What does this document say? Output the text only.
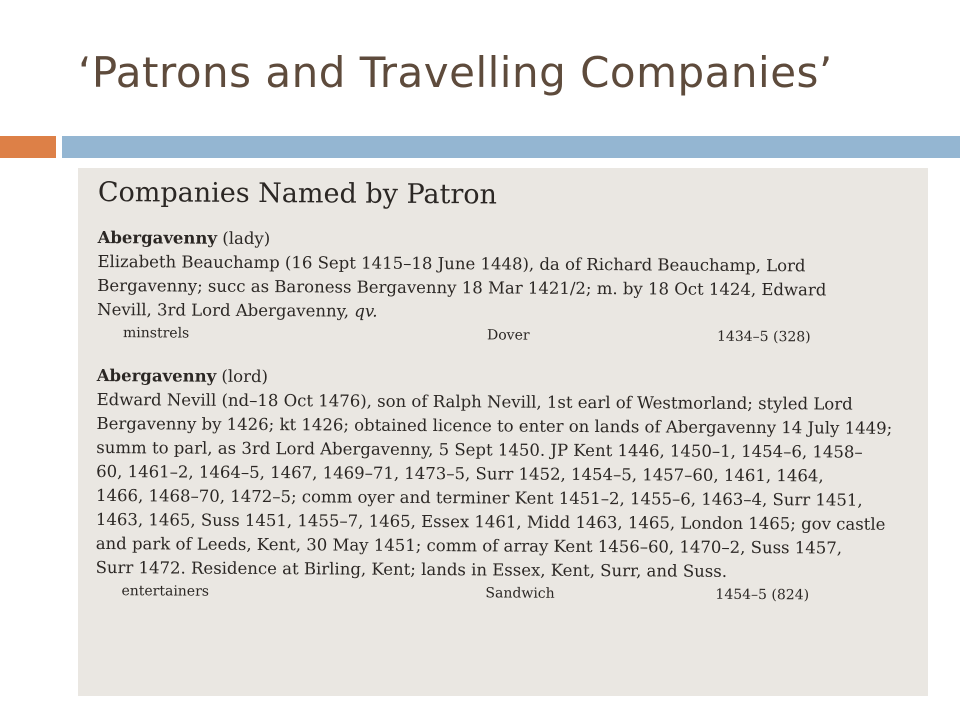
‘Patrons and Travelling Companies’
Companies Named by Patron
Abergavenny (lady)

Elizabeth Beauchamp (16 Sept 1415–18 June 1448), da of Richard Beauchamp, Lord

Bergavenny; succ as Baroness Bergavenny 18 Mar 1421/2; m. by 18 Oct 1424, Edward

Nevill, 3rd Lord Abergavenny, qv.

minstrels	Dover	1434–5 (328)
Abergavenny (lord)

Edward Nevill (nd–18 Oct 1476), son of Ralph Nevill, 1st earl of Westmorland; styled Lord

Bergavenny by 1426; kt 1426; obtained licence to enter on lands of Abergavenny 14 July 1449;

summ to parl, as 3rd Lord Abergavenny, 5 Sept 1450. JP Kent 1446, 1450–1, 1454–6, 1458–

60, 1461–2, 1464–5, 1467, 1469–71, 1473–5, Surr 1452, 1454–5, 1457–60, 1461, 1464,

1466, 1468–70, 1472–5; comm oyer and terminer Kent 1451–2, 1455–6, 1463–4, Surr 1451,

1463, 1465, Suss 1451, 1455–7, 1465, Essex 1461, Midd 1463, 1465, London 1465; gov castle

and park of Leeds, Kent, 30 May 1451; comm of array Kent 1456–60, 1470–2, Suss 1457,

Surr 1472. Residence at Birling, Kent; lands in Essex, Kent, Surr, and Suss.

entertainers	Sandwich	1454–5 (824)
